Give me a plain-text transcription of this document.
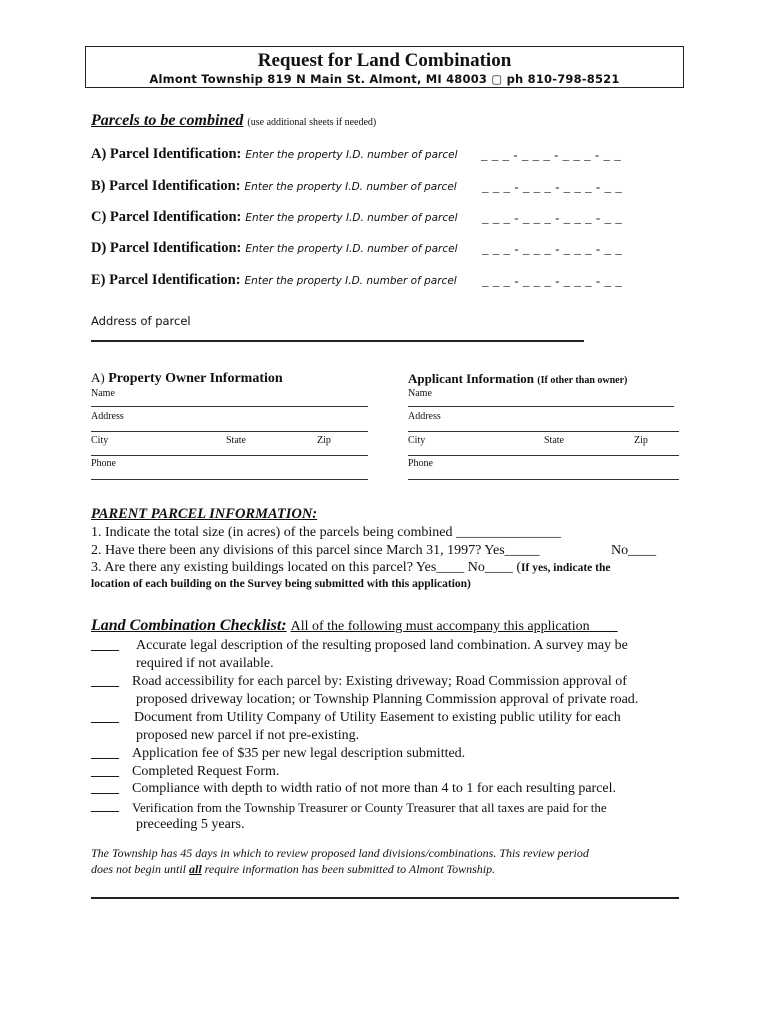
Request for Land Combination
Almont Township 819 N Main St. Almont, MI 48003 ▢ ph 810-798-8521
Parcels to be combined (use additional sheets if needed)
A) Parcel Identification: Enter the property I.D. number of parcel _ _ _ - _ _ _ - _ _ _ - _ _
B) Parcel Identification: Enter the property I.D. number of parcel _ _ _ - _ _ _ - _ _ _ - _ _
C) Parcel Identification: Enter the property I.D. number of parcel _ _ _ - _ _ _ - _ _ _ - _ _
D) Parcel Identification: Enter the property I.D. number of parcel _ _ _ - _ _ _ - _ _ _ - _ _
E) Parcel Identification: Enter the property I.D. number of parcel _ _ _ - _ _ _ - _ _ _ - _ _
Address of parcel
A) Property Owner Information
Name
Address
City	State	Zip
Phone
Applicant Information (If other than owner)
Name
Address
City	State	Zip
Phone
PARENT PARCEL INFORMATION:
1. Indicate the total size (in acres) of the parcels being combined _______________
2. Have there been any divisions of this parcel since March 31, 1997? Yes_____	No____
3. Are there any existing buildings located on this parcel? Yes____ No____ (If yes, indicate the
location of each building on the Survey being submitted with this application)
Land Combination Checklist: All of the following must accompany this application
____ Accurate legal description of the resulting proposed land combination. A survey may be
required if not available.
____ Road accessibility for each parcel by: Existing driveway; Road Commission approval of
proposed driveway location; or Township Planning Commission approval of private road.
____ Document from Utility Company of Utility Easement to existing public utility for each
proposed new parcel if not pre-existing.
____ Application fee of $35 per new legal description submitted.
____ Completed Request Form.
____ Compliance with depth to width ratio of not more than 4 to 1 for each resulting parcel.
____ Verification from the Township Treasurer or County Treasurer that all taxes are paid for the
preceeding 5 years.
The Township has 45 days in which to review proposed land divisions/combinations. This review period
does not begin until all require information has been submitted to Almont Township.
